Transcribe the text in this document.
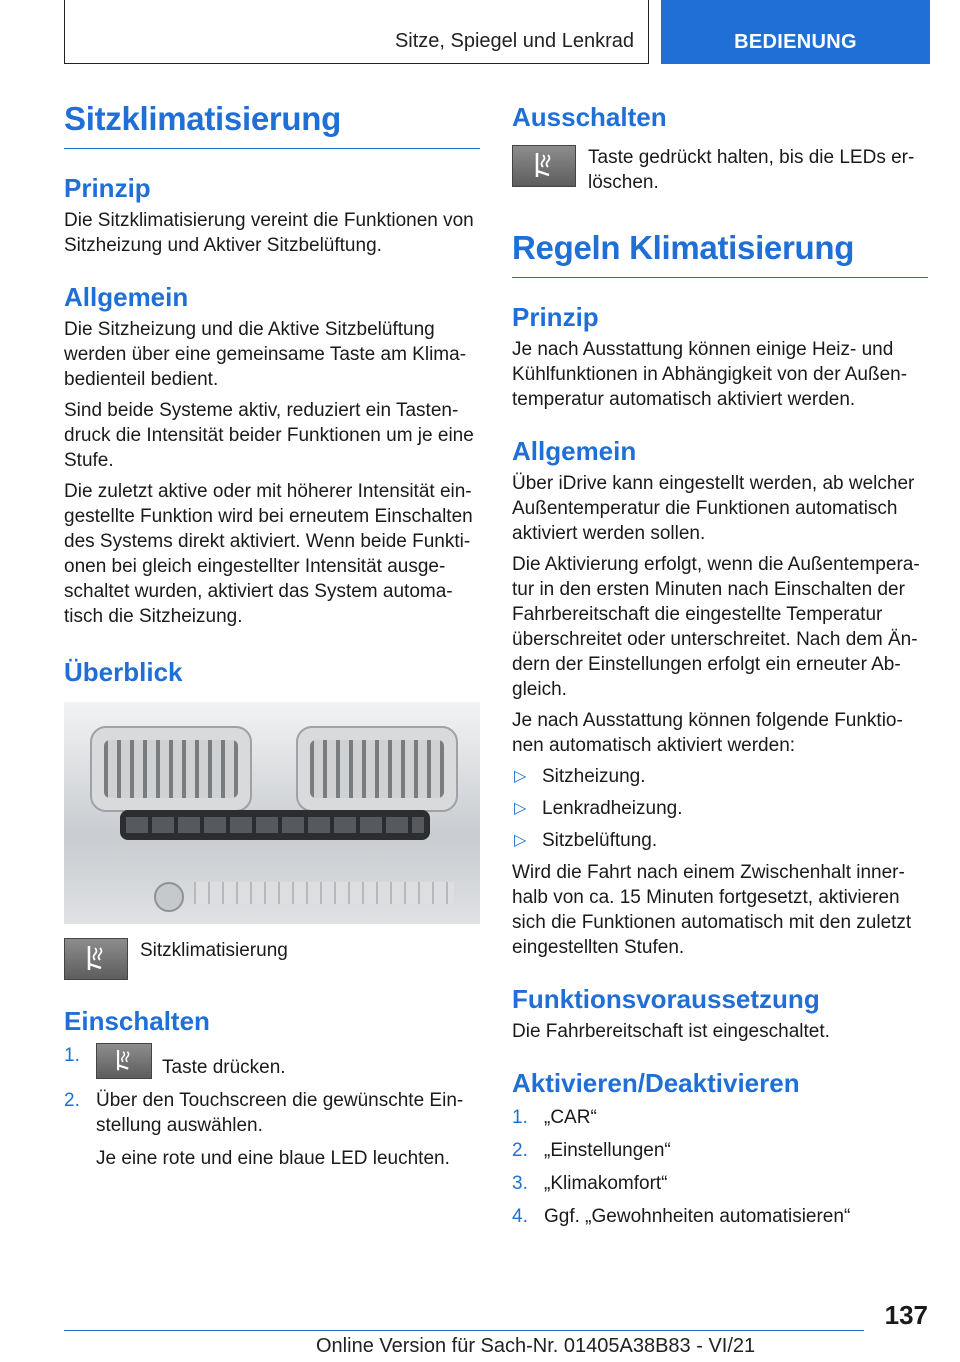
Sitze, Spiegel und Lenkrad	BEDIENUNG
Sitzklimatisierung
Prinzip

Die Sitzklimatisierung vereint die Funktionen von Sitzheizung und Aktiver Sitzbelüftung.

Allgemein

Die Sitzheizung und die Aktive Sitzbelüftung werden über eine gemeinsame Taste am Klima-bedienteil bedient.

Sind beide Systeme aktiv, reduziert ein Tasten-druck die Intensität beider Funktionen um je eine Stufe.

Die zuletzt aktive oder mit höherer Intensität ein-gestellte Funktion wird bei erneutem Einschalten des Systems direkt aktiviert. Wenn beide Funkti-onen bei gleich eingestellter Intensität ausge-schaltet wurden, aktiviert das System automa-tisch die Sitzheizung.

Überblick

Sitzklimatisierung

Einschalten
1.
Taste drücken.
2. Über den Touchscreen die gewünschte Ein-stellung auswählen.
Je eine rote und eine blaue LED leuchten.
Ausschalten

Taste gedrückt halten, bis die LEDs er-löschen.

Regeln Klimatisierung
Prinzip

Je nach Ausstattung können einige Heiz- und Kühlfunktionen in Abhängigkeit von der Außen-temperatur automatisch aktiviert werden.

Allgemein

Über iDrive kann eingestellt werden, ab welcher Außentemperatur die Funktionen automatisch aktiviert werden sollen.

Die Aktivierung erfolgt, wenn die Außentempera-tur in den ersten Minuten nach Einschalten der Fahrbereitschaft die eingestellte Temperatur überschreitet oder unterschreitet. Nach dem Än-dern der Einstellungen erfolgt ein erneuter Ab-gleich.

Je nach Ausstattung können folgende Funktio-nen automatisch aktiviert werden:

▷ Sitzheizung.
▷ Lenkradheizung.
▷ Sitzbelüftung.

Wird die Fahrt nach einem Zwischenhalt inner-halb von ca. 15 Minuten fortgesetzt, aktivieren sich die Funktionen automatisch mit den zuletzt eingestellten Stufen.

Funktionsvoraussetzung

Die Fahrbereitschaft ist eingeschaltet.

Aktivieren/Deaktivieren
1. „CAR“
2. „Einstellungen“
3. „Klimakomfort“
4. Ggf. „Gewohnheiten automatisieren“
137
Online Version für Sach-Nr. 01405A38B83 - VI/21
